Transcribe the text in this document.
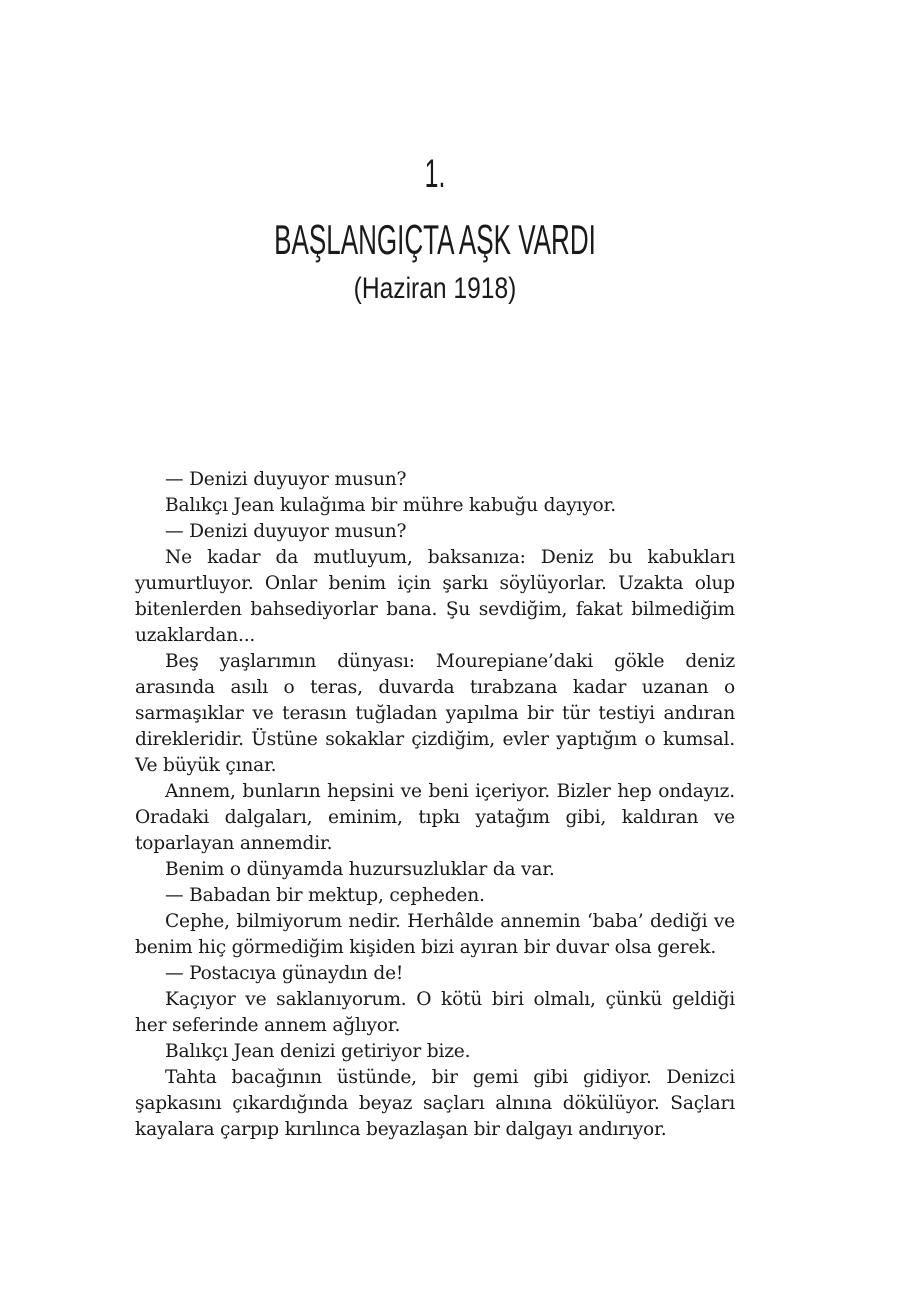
1.
BAŞLANGIÇTA AŞK VARDI
(Haziran 1918)

— Denizi duyuyor musun?

Balıkçı Jean kulağıma bir mühre kabuğu dayıyor.

— Denizi duyuyor musun?

Ne kadar da mutluyum, baksanıza: Deniz bu kabukları yumurtluyor. Onlar benim için şarkı söylüyorlar. Uzakta olup bitenlerden bahsediyorlar bana. Şu sevdiğim, fakat bilmediğim uzaklardan...

Beş yaşlarımın dünyası: Mourepiane’daki gökle deniz arasında asılı o teras, duvarda tırabzana kadar uzanan o sarmaşıklar ve terasın tuğladan yapılma bir tür testiyi andıran direkleridir. Üstüne sokaklar çizdiğim, evler yaptığım o kumsal. Ve büyük çınar.

Annem, bunların hepsini ve beni içeriyor. Bizler hep ondayız. Oradaki dalgaları, eminim, tıpkı yatağım gibi, kaldıran ve toparlayan annemdir.

Benim o dünyamda huzursuzluklar da var.

— Babadan bir mektup, cepheden.

Cephe, bilmiyorum nedir. Herhâlde annemin ‘baba’ dediği ve benim hiç görmediğim kişiden bizi ayıran bir duvar olsa gerek.

— Postacıya günaydın de!

Kaçıyor ve saklanıyorum. O kötü biri olmalı, çünkü geldiği her seferinde annem ağlıyor.

Balıkçı Jean denizi getiriyor bize.

Tahta bacağının üstünde, bir gemi gibi gidiyor. Denizci şapkasını çıkardığında beyaz saçları alnına dökülüyor. Saçları kayalara çarpıp kırılınca beyazlaşan bir dalgayı andırıyor.
